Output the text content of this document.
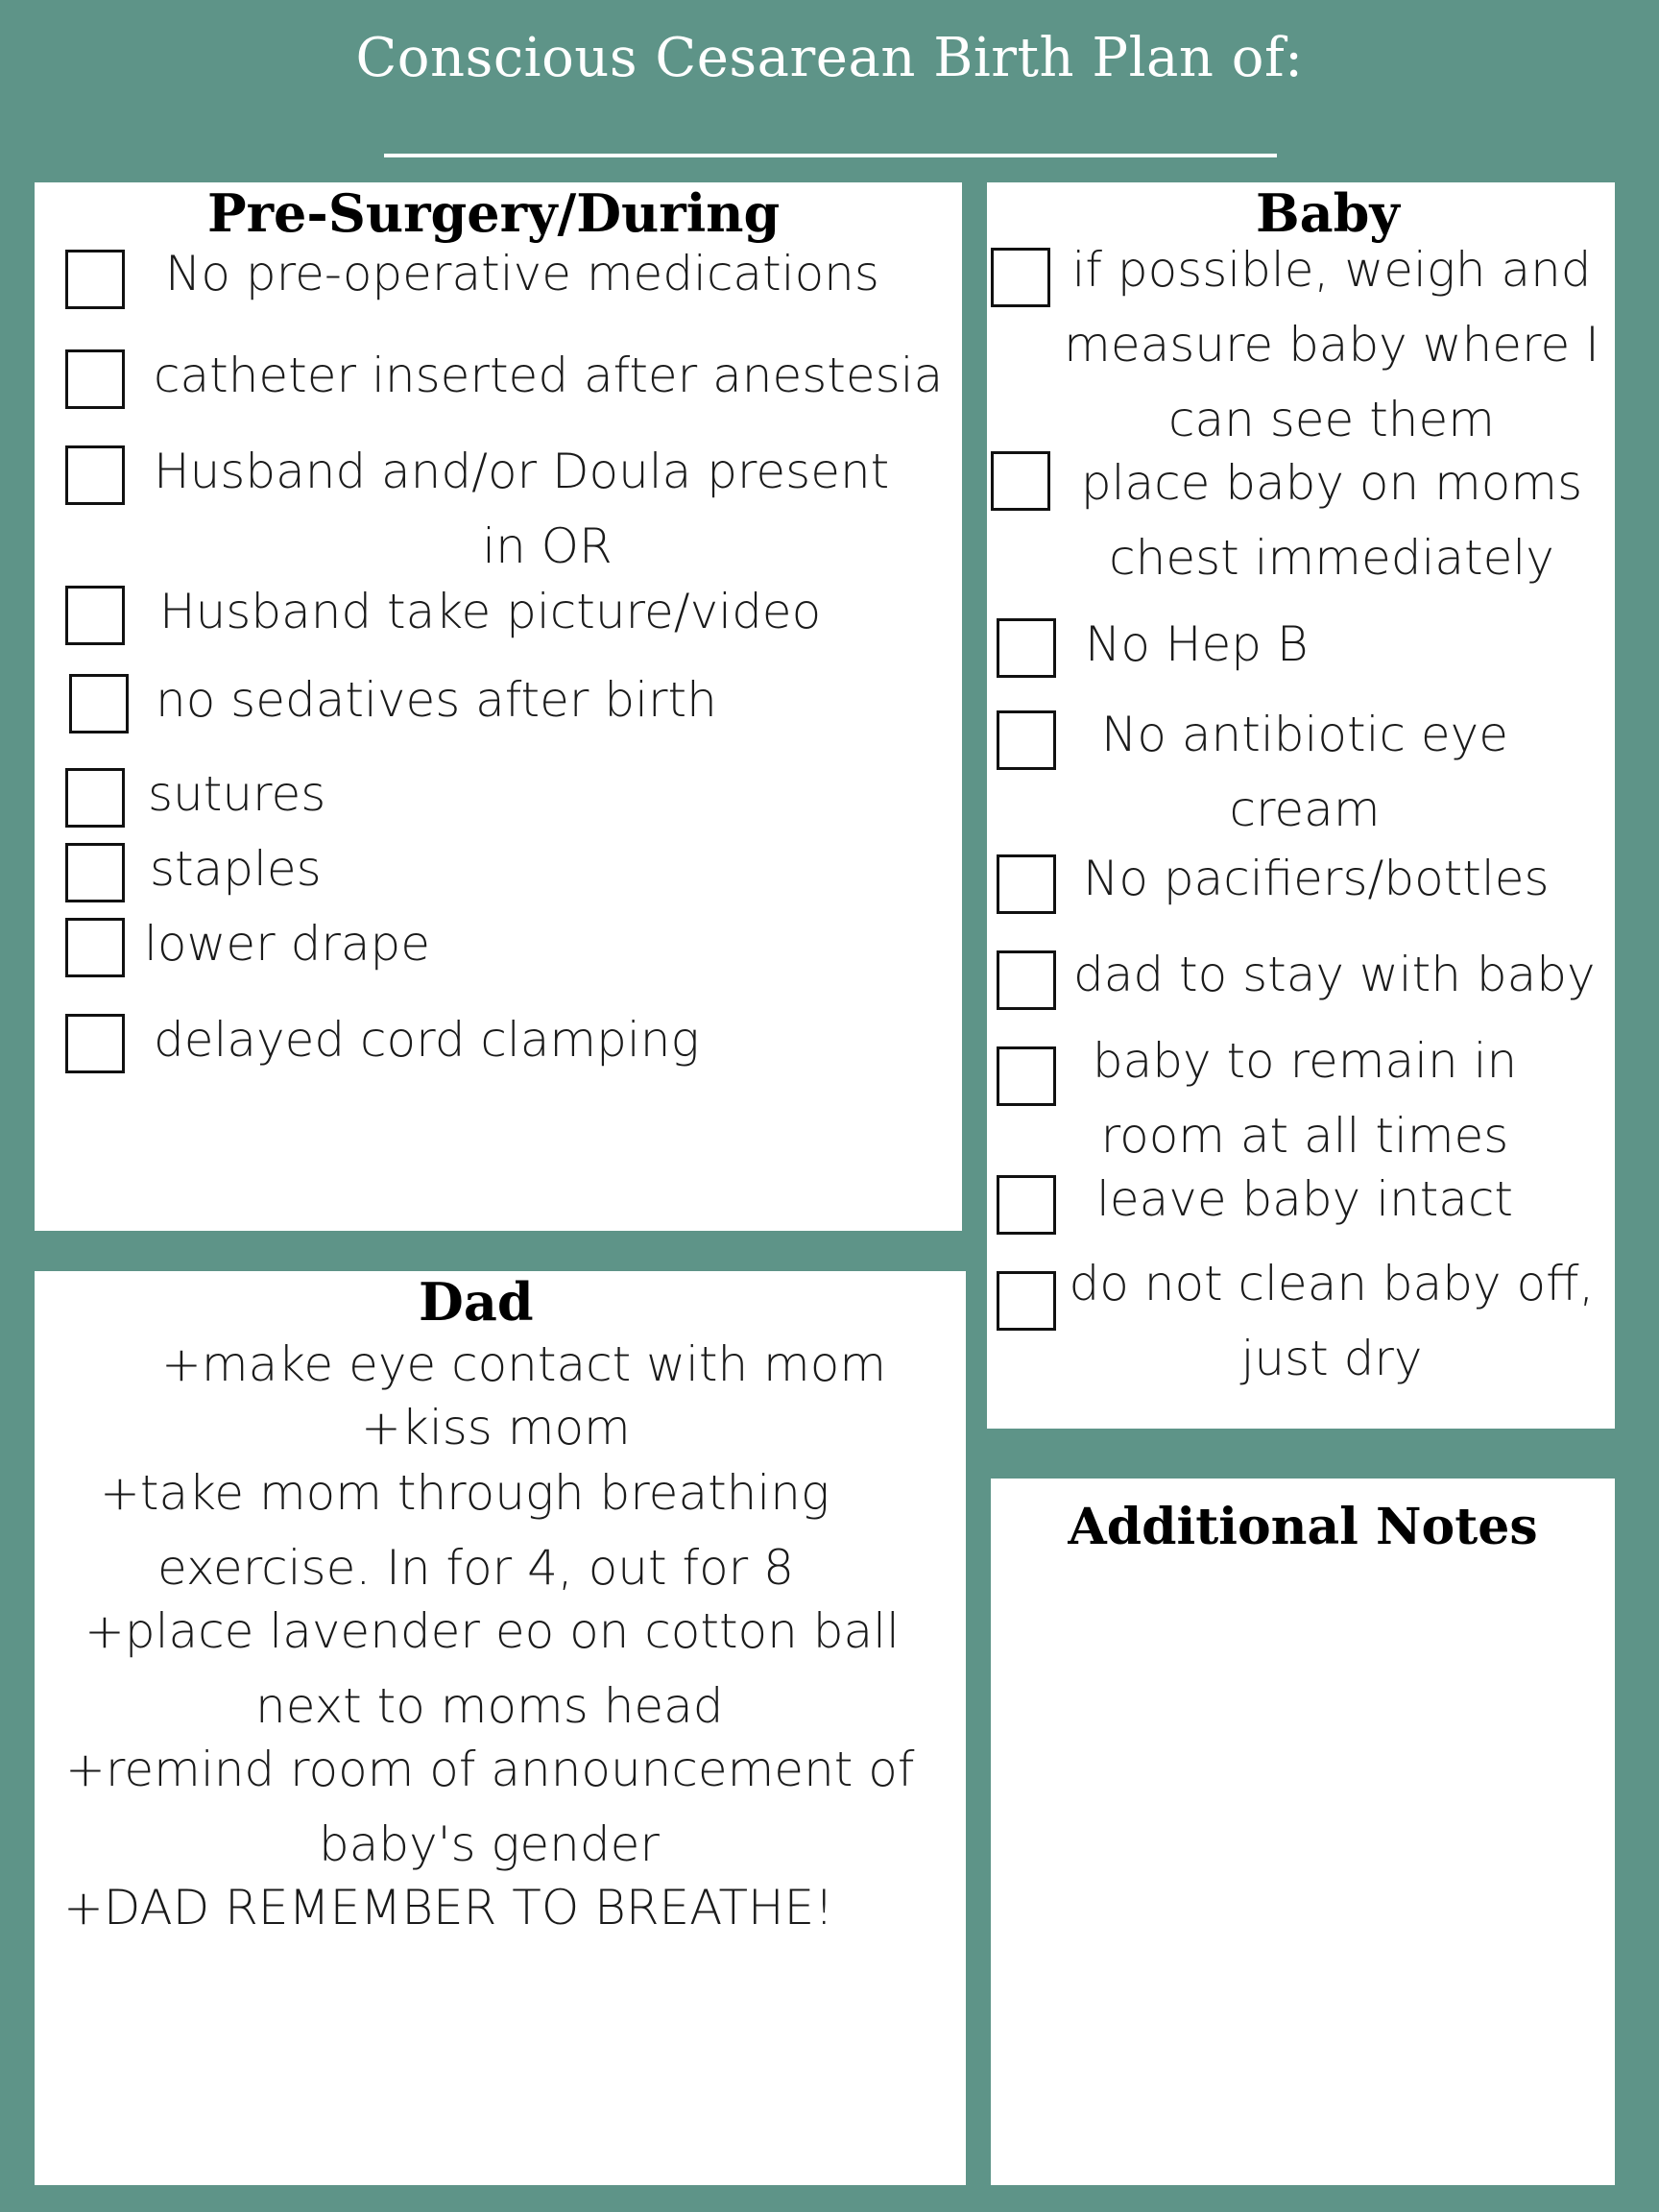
Conscious Cesarean Birth Plan of:
Pre-Surgery/During
No pre-operative medications
catheter inserted after anestesia
Husband and/or Doula present
in OR
Husband take picture/video
no sedatives after birth
sutures
staples
lower drape
delayed cord clamping
Baby
if possible, weigh and
measure baby where I
can see them
place baby on moms
chest immediately
No Hep B
No antibiotic eye
cream
No pacifiers/bottles
dad to stay with baby
baby to remain in
room at all times
leave baby intact
do not clean baby off,
just dry
Dad
+make eye contact with mom
+kiss mom
+take mom through breathing
exercise. In for 4, out for 8
+place lavender eo on cotton ball
next to moms head
+remind room of announcement of
baby's gender
+DAD REMEMBER TO BREATHE!
Additional Notes
